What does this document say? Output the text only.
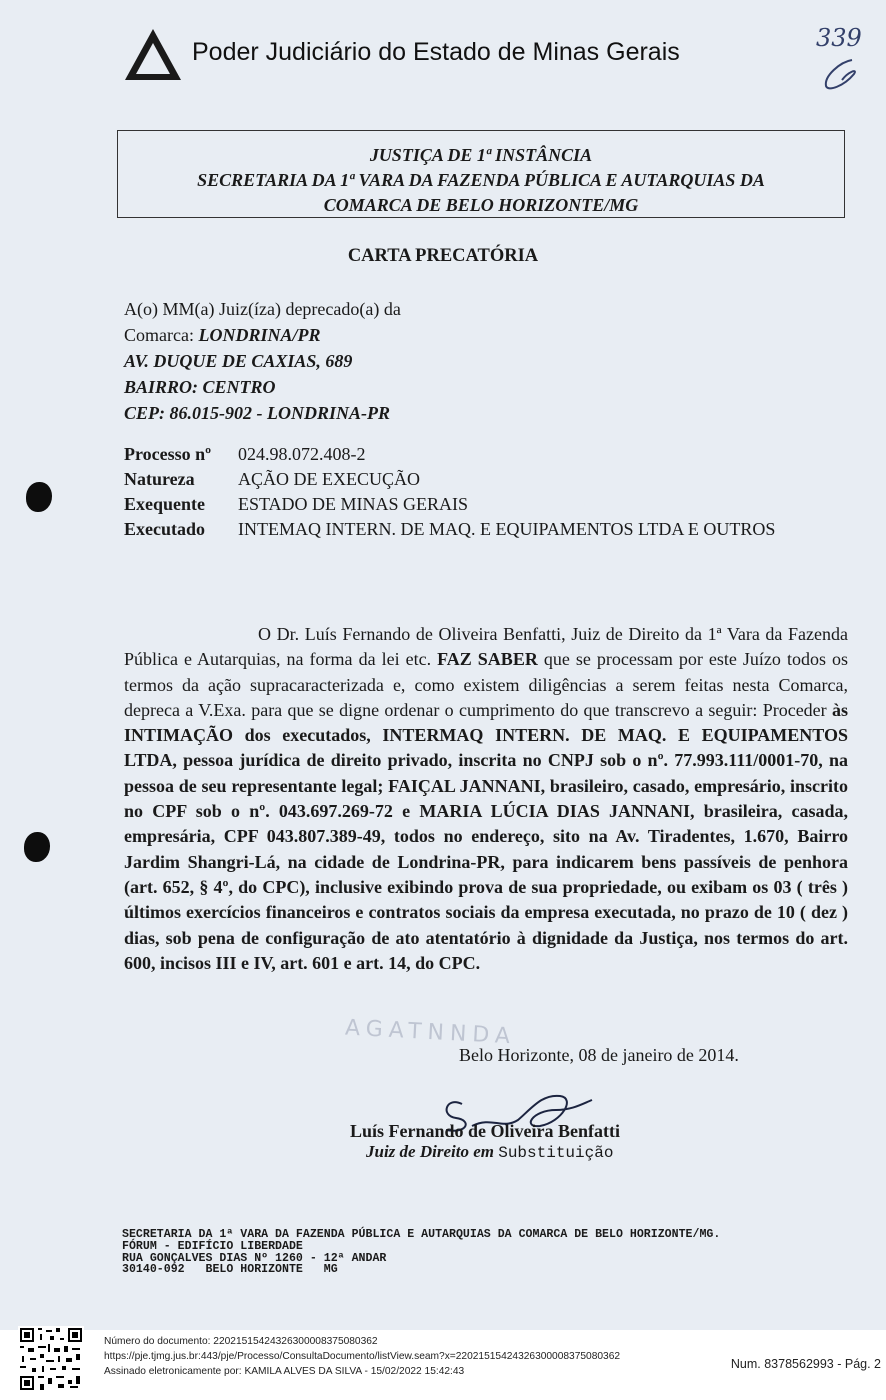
Poder Judiciário do Estado de Minas Gerais	339
JUSTIÇA DE 1ª INSTÂNCIA
SECRETARIA DA 1ª VARA DA FAZENDA PÚBLICA E AUTARQUIAS DA
COMARCA DE BELO HORIZONTE/MG
CARTA PRECATÓRIA
A(o) MM(a) Juiz(íza) deprecado(a) da
Comarca: LONDRINA/PR
AV. DUQUE DE CAXIAS, 689
BAIRRO: CENTRO
CEP: 86.015-902 - LONDRINA-PR
Processo nº	024.98.072.408-2
Natureza	AÇÃO DE EXECUÇÃO
Exequente	ESTADO DE MINAS GERAIS
Executado	INTEMAQ INTERN. DE MAQ. E EQUIPAMENTOS LTDA E OUTROS
O Dr. Luís Fernando de Oliveira Benfatti, Juiz de Direito da 1ª Vara da Fazenda Pública e Autarquias, na forma da lei etc. FAZ SABER que se processam por este Juízo todos os termos da ação supracaracterizada e, como existem diligências a serem feitas nesta Comarca, depreca a V.Exa. para que se digne ordenar o cumprimento do que transcrevo a seguir: Proceder às INTIMAÇÃO dos executados, INTERMAQ INTERN. DE MAQ. E EQUIPAMENTOS LTDA, pessoa jurídica de direito privado, inscrita no CNPJ sob o nº. 77.993.111/0001-70, na pessoa de seu representante legal; FAIÇAL JANNANI, brasileiro, casado, empresário, inscrito no CPF sob o nº. 043.697.269-72 e MARIA LÚCIA DIAS JANNANI, brasileira, casada, empresária, CPF 043.807.389-49, todos no endereço, sito na Av. Tiradentes, 1.670, Bairro Jardim Shangri-Lá, na cidade de Londrina-PR, para indicarem bens passíveis de penhora (art. 652, § 4º, do CPC), inclusive exibindo prova de sua propriedade, ou exibam os 03 ( três ) últimos exercícios financeiros e contratos sociais da empresa executada, no prazo de 10 ( dez ) dias, sob pena de configuração de ato atentatório à dignidade da Justiça, nos termos do art. 600, incisos III e IV, art. 601 e art. 14, do CPC.
AGATNNDA
Belo Horizonte, 08 de janeiro de 2014.
Luís Fernando de Oliveira Benfatti
Juiz de Direito em Substituição
SECRETARIA DA 1ª VARA DA FAZENDA PÚBLICA E AUTARQUIAS DA COMARCA DE BELO HORIZONTE/MG.
FÓRUM - EDIFÍCIO LIBERDADE
RUA GONÇALVES DIAS Nº 1260 - 12ª ANDAR
30140-092   BELO HORIZONTE   MG
Número do documento: 22021515424326300008375080362
https://pje.tjmg.jus.br:443/pje/Processo/ConsultaDocumento/listView.seam?x=22021515424326300008375080362
Assinado eletronicamente por: KAMILA ALVES DA SILVA - 15/02/2022 15:42:43
Num. 8378562993 - Pág. 2
